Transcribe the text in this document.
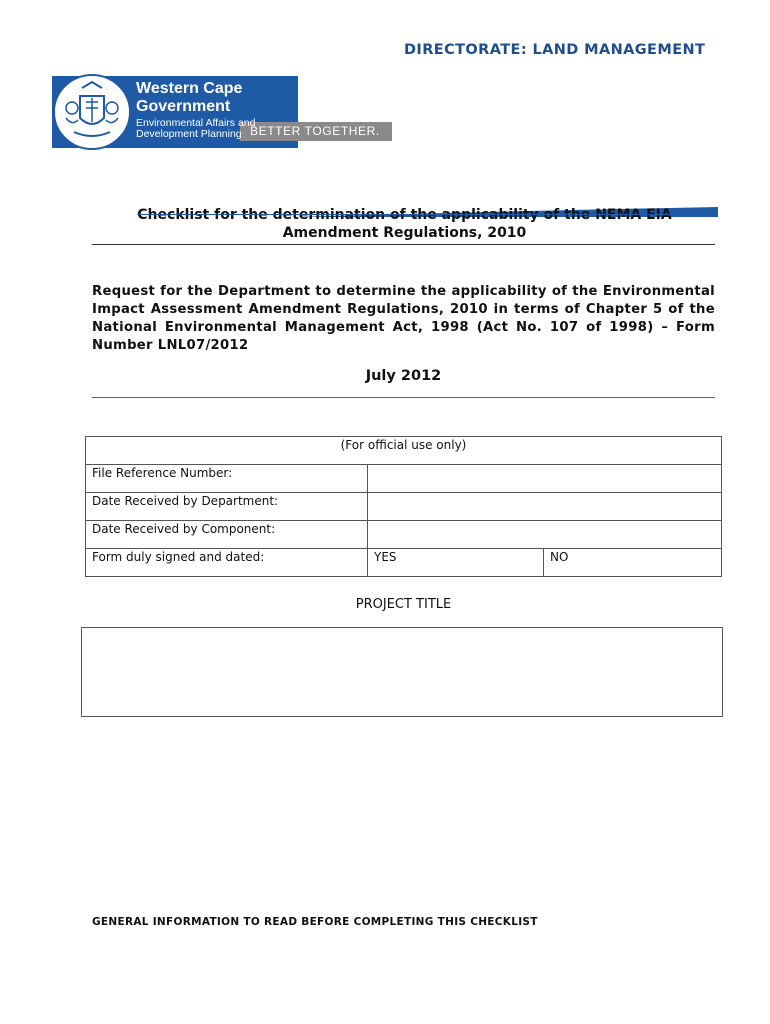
DIRECTORATE: LAND MANAGEMENT
Western Cape
Government
BETTER TOGETHER.
Environmental Affairs and
Development Planning
Checklist for the determination of the applicability of the NEMA EIA
Amendment Regulations, 2010
Request for the Department to determine the applicability of the Environmental Impact Assessment Amendment Regulations, 2010 in terms of Chapter 5 of the National Environmental Management Act, 1998 (Act No. 107 of 1998) – Form Number LNL07/2012
July 2012
(For official use only)		
File Reference Number:		
Date Received by Department:		
Date Received by Component:		
Form duly signed and dated:	YES	NO
PROJECT TITLE
GENERAL INFORMATION TO READ BEFORE COMPLETING THIS CHECKLIST
